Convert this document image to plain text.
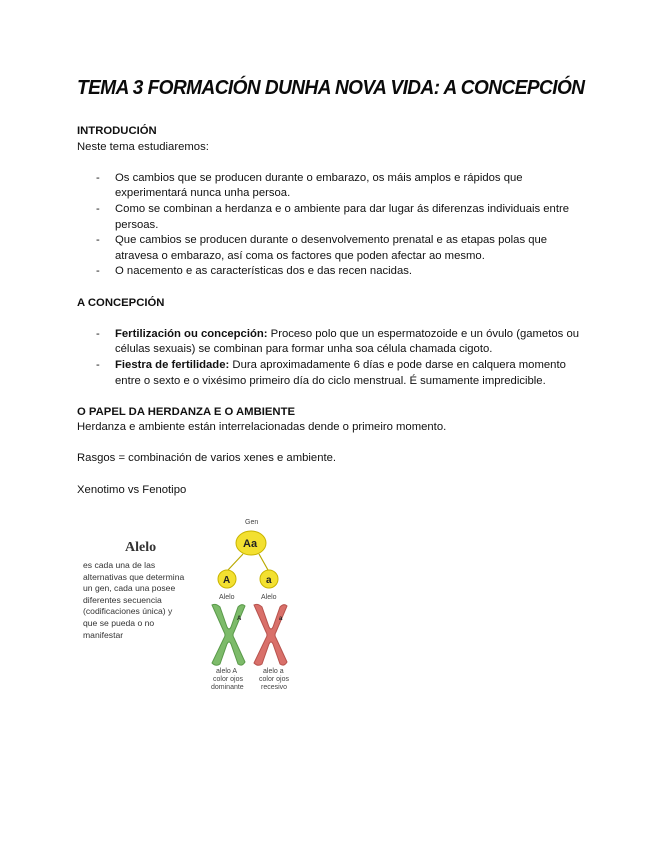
TEMA 3 FORMACIÓN DUNHA NOVA VIDA: A CONCEPCIÓN
INTRODUCIÓN

Neste tema estudiaremos:

- Os cambios que se producen durante o embarazo, os máis amplos e rápidos que experimentará nunca unha persoa.
- Como se combinan a herdanza e o ambiente para dar lugar ás diferenzas individuais entre persoas.
- Que cambios se producen durante o desenvolvemento prenatal e as etapas polas que atravesa o embarazo, así coma os factores que poden afectar ao mesmo.
- O nacemento e as características dos e das recen nacidas.
A CONCEPCIÓN
- Fertilización ou concepción: Proceso polo que un espermatozoide e un óvulo (gametos ou células sexuais) se combinan para formar unha soa célula chamada cigoto.
- Fiestra de fertilidade: Dura aproximadamente 6 días e pode darse en calquera momento entre o sexto e o vixésimo primeiro día do ciclo menstrual. É sumamente impredicible.
O PAPEL DA HERDANZA E O AMBIENTE

Herdanza e ambiente están interrelacionadas dende o primeiro momento.

Rasgos = combinación de varios xenes e ambiente.

Xenotimo vs Fenotipo

Alelo
es cada una de las alternativas que determina un gen, cada una posee diferentes secuencia (codificaciones única) y que se pueda o no manifestar
Gen
Aa
A	a
Alelo	Alelo
A	a
alelo A
color ojos
dominante
alelo a
color ojos
recesivo
